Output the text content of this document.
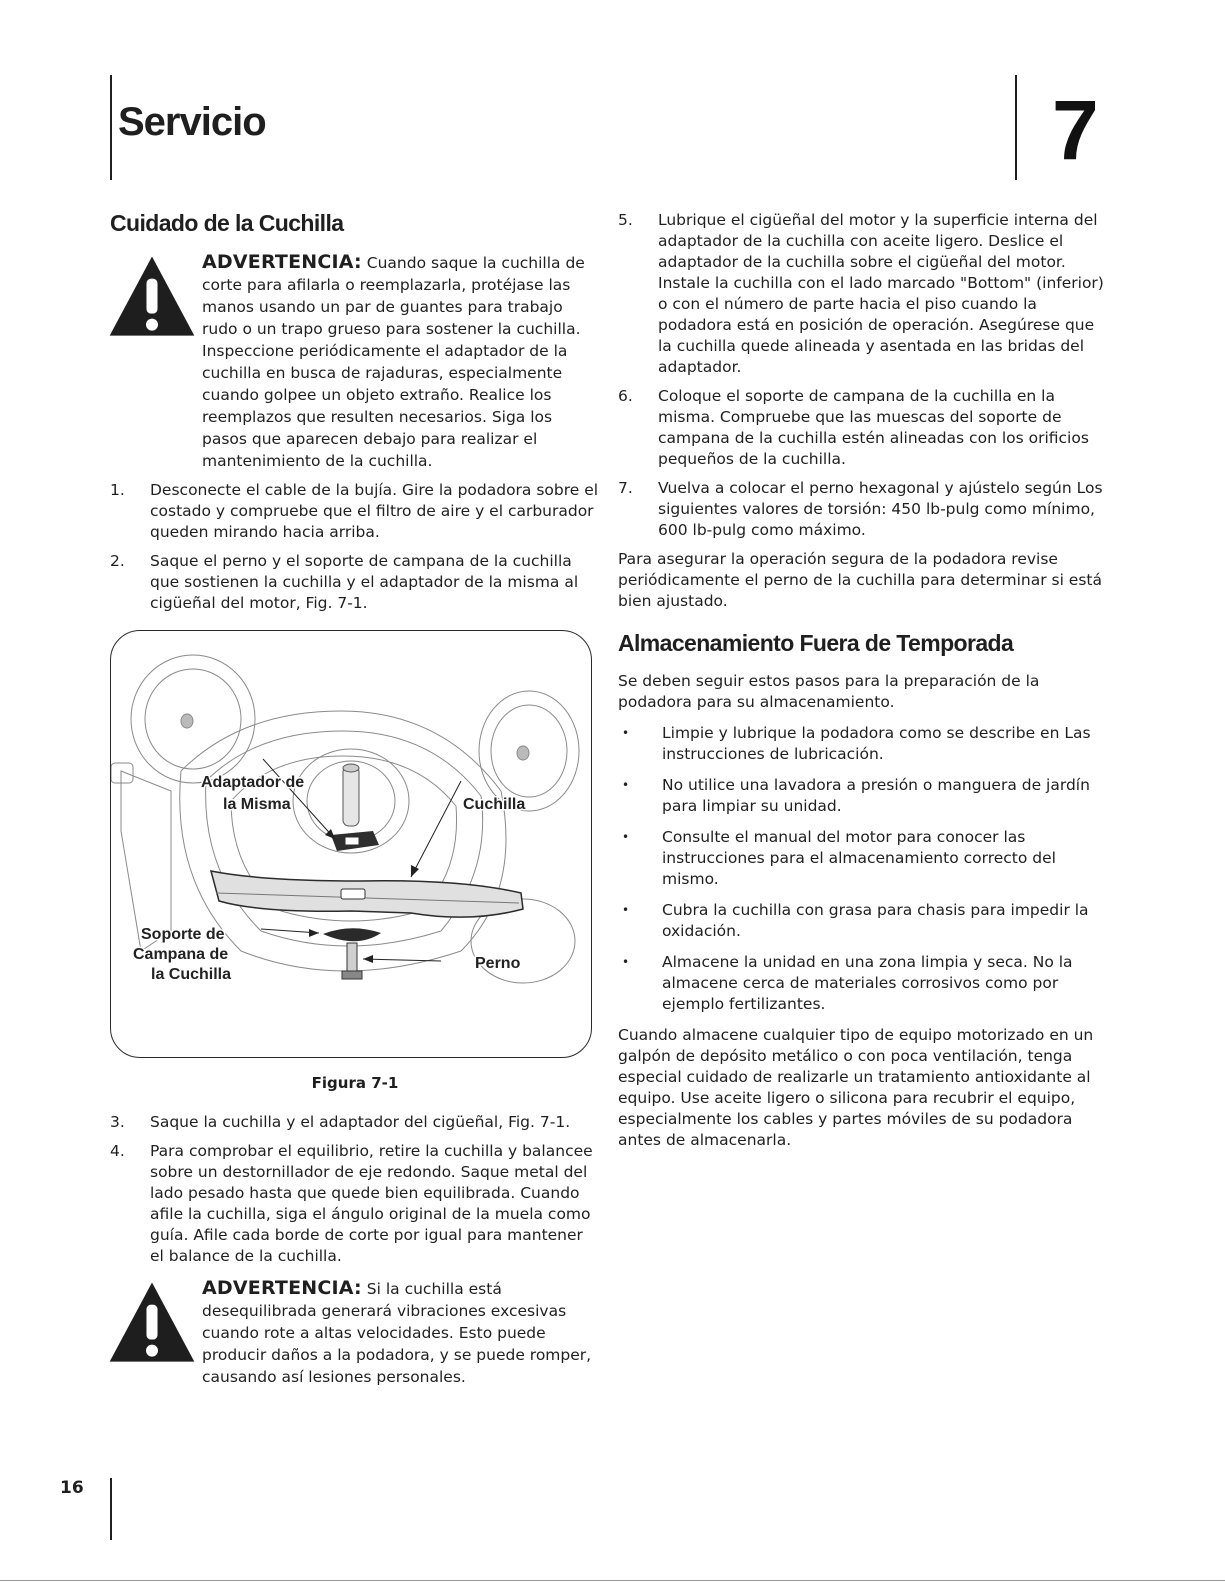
Servicio	7
Cuidado de la Cuchilla

ADVERTENCIA: Cuando saque la cuchilla de corte para afilarla o reemplazarla, protéjase las manos usando un par de guantes para trabajo rudo o un trapo grueso para sostener la cuchilla. Inspeccione periódicamente el adaptador de la cuchilla en busca de rajaduras, especialmente cuando golpee un objeto extraño. Realice los reemplazos que resulten necesarios. Siga los pasos que aparecen debajo para realizar el mantenimiento de la cuchilla.

1. Desconecte el cable de la bujía. Gire la podadora sobre el costado y compruebe que el filtro de aire y el carburador queden mirando hacia arriba.
2. Saque el perno y el soporte de campana de la cuchilla que sostienen la cuchilla y el adaptador de la misma al cigüeñal del motor, Fig. 7-1.
Adaptador de
la Misma	Cuchilla
Soporte de
Campana de
la Cuchilla
Perno
Figura 7-1
3. Saque la cuchilla y el adaptador del cigüeñal, Fig. 7-1.
4. Para comprobar el equilibrio, retire la cuchilla y balancee sobre un destornillador de eje redondo. Saque metal del lado pesado hasta que quede bien equilibrada. Cuando afile la cuchilla, siga el ángulo original de la muela como guía. Afile cada borde de corte por igual para mantener el balance de la cuchilla.

ADVERTENCIA: Si la cuchilla está desequilibrada generará vibraciones excesivas cuando rote a altas velocidades. Esto puede producir daños a la podadora, y se puede romper, causando así lesiones personales.

5. Lubrique el cigüeñal del motor y la superficie interna del adaptador de la cuchilla con aceite ligero. Deslice el adaptador de la cuchilla sobre el cigüeñal del motor. Instale la cuchilla con el lado marcado "Bottom" (inferior) o con el número de parte hacia el piso cuando la podadora está en posición de operación. Asegúrese que la cuchilla quede alineada y asentada en las bridas del adaptador.
6. Coloque el soporte de campana de la cuchilla en la misma. Compruebe que las muescas del soporte de campana de la cuchilla estén alineadas con los orificios pequeños de la cuchilla.
7. Vuelva a colocar el perno hexagonal y ajústelo según Los siguientes valores de torsión: 450 lb-pulg como mínimo, 600 lb-pulg como máximo.

Para asegurar la operación segura de la podadora revise periódicamente el perno de la cuchilla para determinar si está bien ajustado.

Almacenamiento Fuera de Temporada

Se deben seguir estos pasos para la preparación de la podadora para su almacenamiento.

• Limpie y lubrique la podadora como se describe en Las instrucciones de lubricación.
• No utilice una lavadora a presión o manguera de jardín para limpiar su unidad.
• Consulte el manual del motor para conocer las instrucciones para el almacenamiento correcto del mismo.
• Cubra la cuchilla con grasa para chasis para impedir la oxidación.
• Almacene la unidad en una zona limpia y seca. No la almacene cerca de materiales corrosivos como por ejemplo fertilizantes.

Cuando almacene cualquier tipo de equipo motorizado en un galpón de depósito metálico o con poca ventilación, tenga especial cuidado de realizarle un tratamiento antioxidante al equipo. Use aceite ligero o silicona para recubrir el equipo, especialmente los cables y partes móviles de su podadora antes de almacenarla.

16
